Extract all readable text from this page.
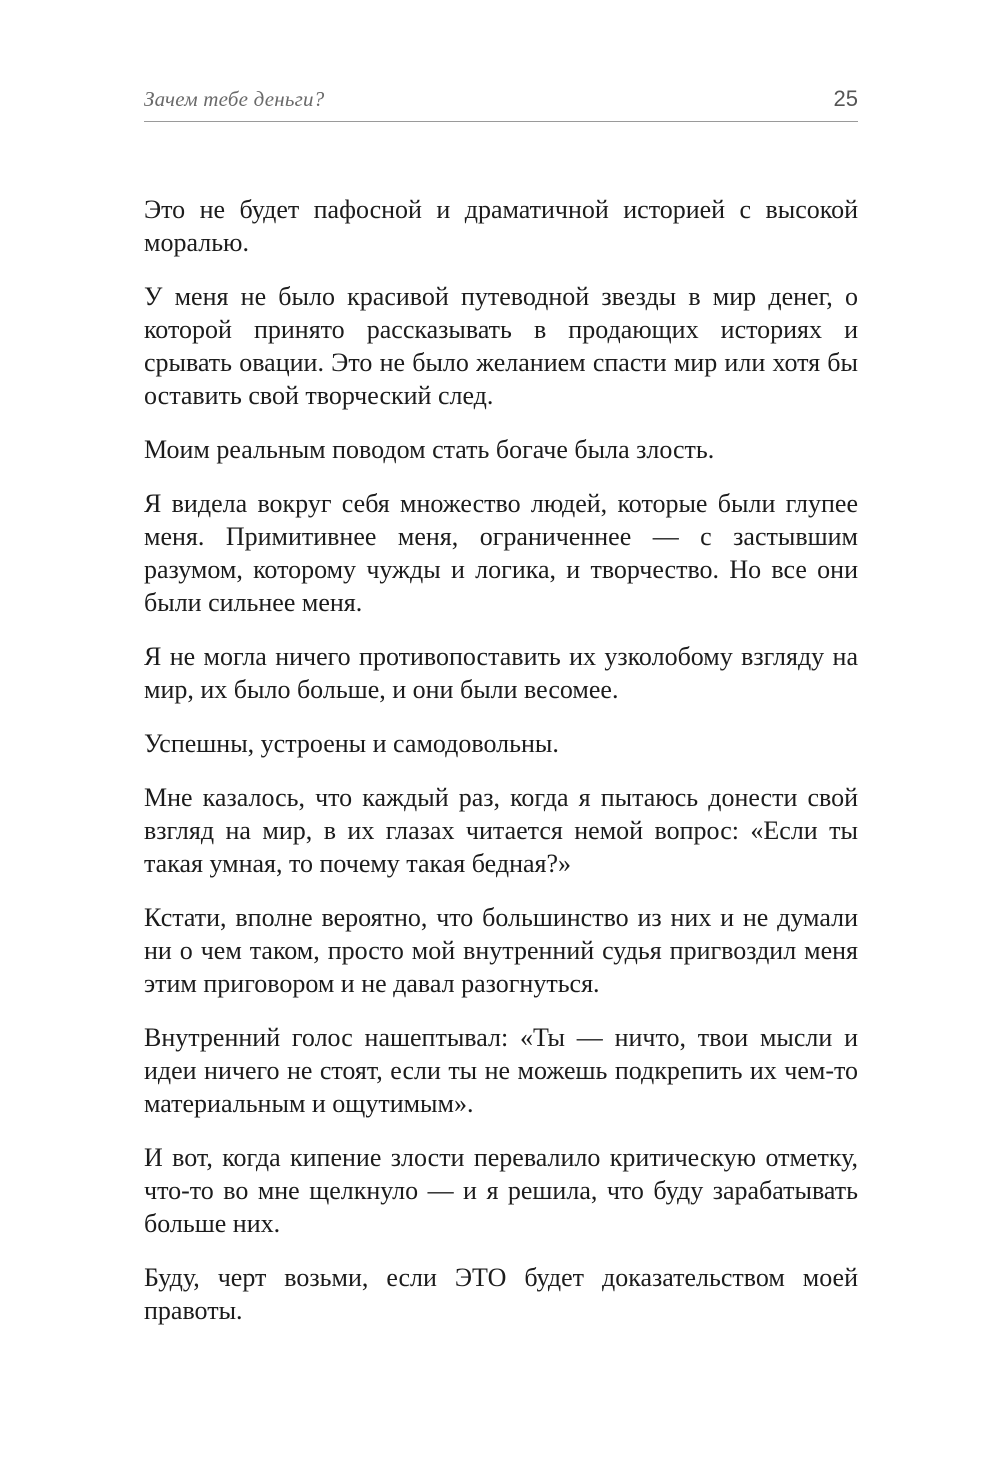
Зачем тебе деньги?	25

Это не будет пафосной и драматичной историей с высокой моралью.

У меня не было красивой путеводной звезды в мир денег, о которой принято рассказывать в продающих историях и срывать овации. Это не было желанием спасти мир или хотя бы оставить свой творческий след.

Моим реальным поводом стать богаче была злость.

Я видела вокруг себя множество людей, которые были глупее меня. Примитивнее меня, ограниченнее — с застывшим разумом, которому чужды и логика, и творчество. Но все они были сильнее меня.

Я не могла ничего противопоставить их узколобому взгляду на мир, их было больше, и они были весомее.

Успешны, устроены и самодовольны.

Мне казалось, что каждый раз, когда я пытаюсь донести свой взгляд на мир, в их глазах читается немой вопрос: «Если ты такая умная, то почему такая бедная?»

Кстати, вполне вероятно, что большинство из них и не думали ни о чем таком, просто мой внутренний судья пригвоздил меня этим приговором и не давал разогнуться.

Внутренний голос нашептывал: «Ты — ничто, твои мысли и идеи ничего не стоят, если ты не можешь подкрепить их чем-то материальным и ощутимым».

И вот, когда кипение злости перевалило критическую отметку, что-то во мне щелкнуло — и я решила, что буду зарабатывать больше них.

Буду, черт возьми, если ЭТО будет доказательством моей правоты.
